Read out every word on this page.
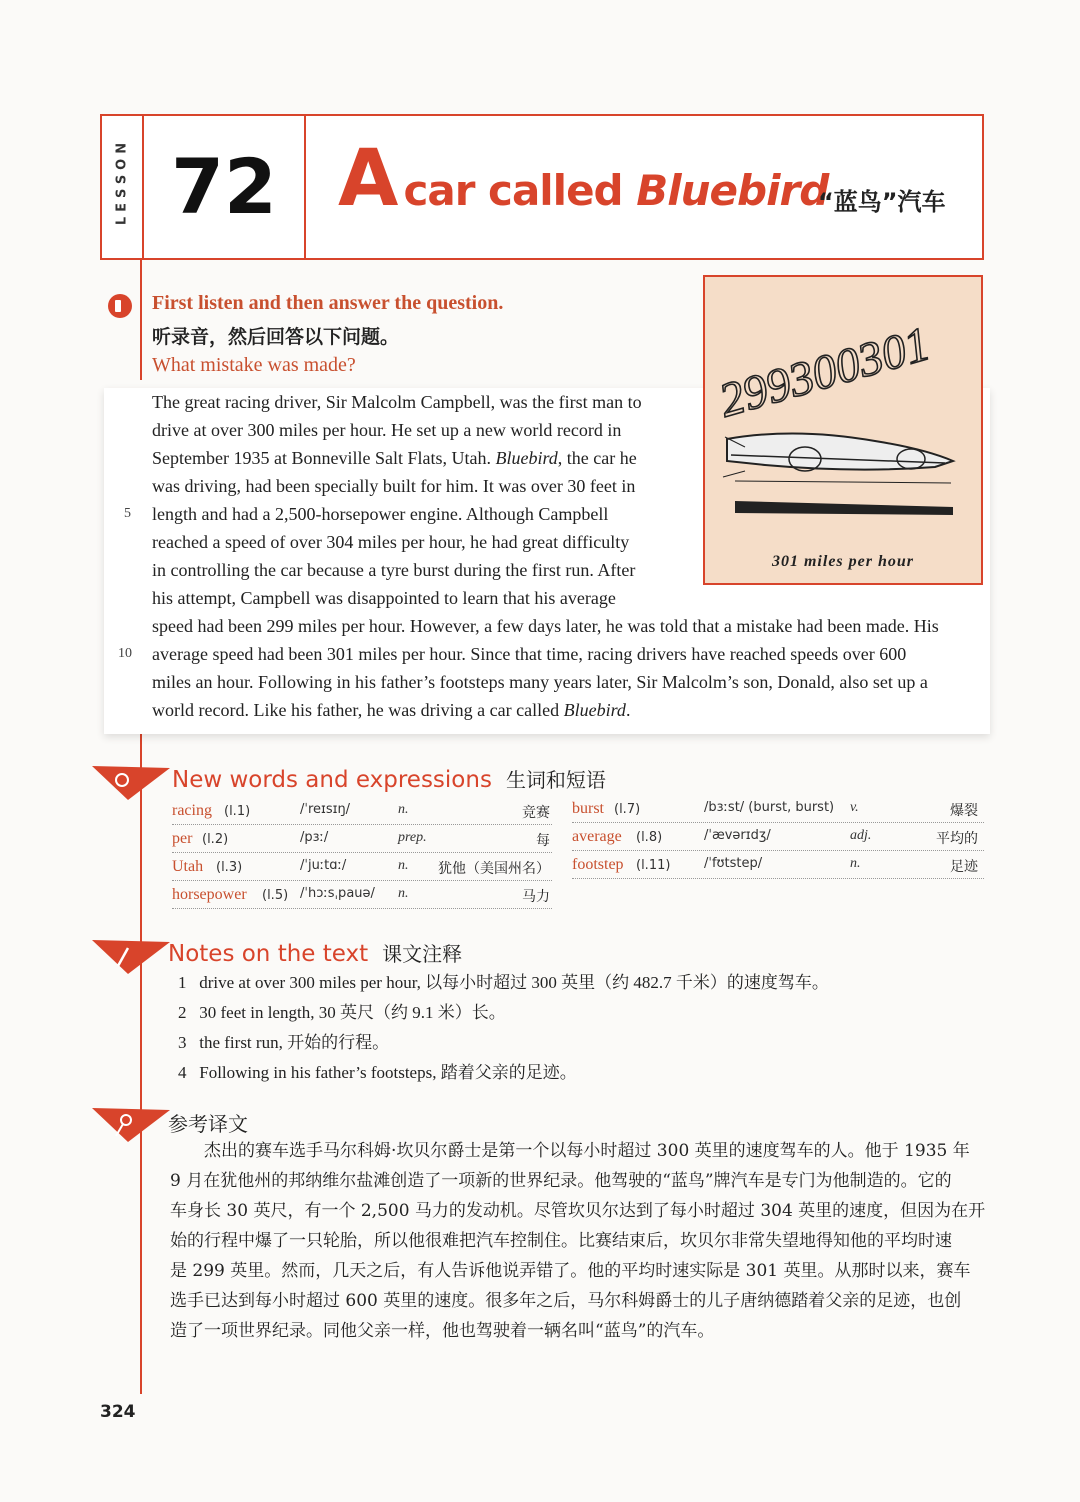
LESSON 72 A car called Bluebird
“蓝鸟”汽车
First listen and then answer the question.
听录音，然后回答以下问题。
What mistake was made?
The great racing driver, Sir Malcolm Campbell, was the first man to
drive at over 300 miles per hour. He set up a new world record in
September 1935 at Bonneville Salt Flats, Utah. Bluebird, the car he
was driving, had been specially built for him. It was over 30 feet in
5 length and had a 2,500-horsepower engine. Although Campbell
reached a speed of over 304 miles per hour, he had great difficulty
in controlling the car because a tyre burst during the first run. After
his attempt, Campbell was disappointed to learn that his average
speed had been 299 miles per hour. However, a few days later, he was told that a mistake had been made. His
10 average speed had been 301 miles per hour. Since that time, racing drivers have reached speeds over 600
miles an hour. Following in his father’s footsteps many years later, Sir Malcolm’s son, Donald, also set up a
world record. Like his father, he was driving a car called Bluebird.
299300301
301 miles per hour
New words and expressions 生词和短语
racing (l.1)	/ˈreɪsɪŋ/	n.	竞赛
per (l.2)	/pɜː/	prep.	每
Utah (l.3)	/ˈjuːtɑː/	n. 犹他（美国州名）
horsepower (l.5) /ˈhɔːsˌpauə/ n.	马力
burst (l.7)	/bɜːst/ (burst, burst) v.	爆裂
average (l.8)	/ˈævərɪdʒ/	adj.	平均的
footstep (l.11)	/ˈfʊtstep/	n.	足迹
Notes on the text 课文注释
1 drive at over 300 miles per hour, 以每小时超过 300 英里（约 482.7 千米）的速度驾车。
2 30 feet in length, 30 英尺（约 9.1 米）长。
3 the first run, 开始的行程。
4 Following in his father’s footsteps, 踏着父亲的足迹。
参考译文
杰出的赛车选手马尔科姆·坎贝尔爵士是第一个以每小时超过 300 英里的速度驾车的人。他于 1935 年
9 月在犹他州的邦纳维尔盐滩创造了一项新的世界纪录。他驾驶的“蓝鸟”牌汽车是专门为他制造的。它的
车身长 30 英尺，有一个 2,500 马力的发动机。尽管坎贝尔达到了每小时超过 304 英里的速度，但因为在开
始的行程中爆了一只轮胎，所以他很难把汽车控制住。比赛结束后，坎贝尔非常失望地得知他的平均时速
是 299 英里。然而，几天之后，有人告诉他说弄错了。他的平均时速实际是 301 英里。从那时以来，赛车
选手已达到每小时超过 600 英里的速度。很多年之后，马尔科姆爵士的儿子唐纳德踏着父亲的足迹，也创
造了一项世界纪录。同他父亲一样，他也驾驶着一辆名叫“蓝鸟”的汽车。
324
